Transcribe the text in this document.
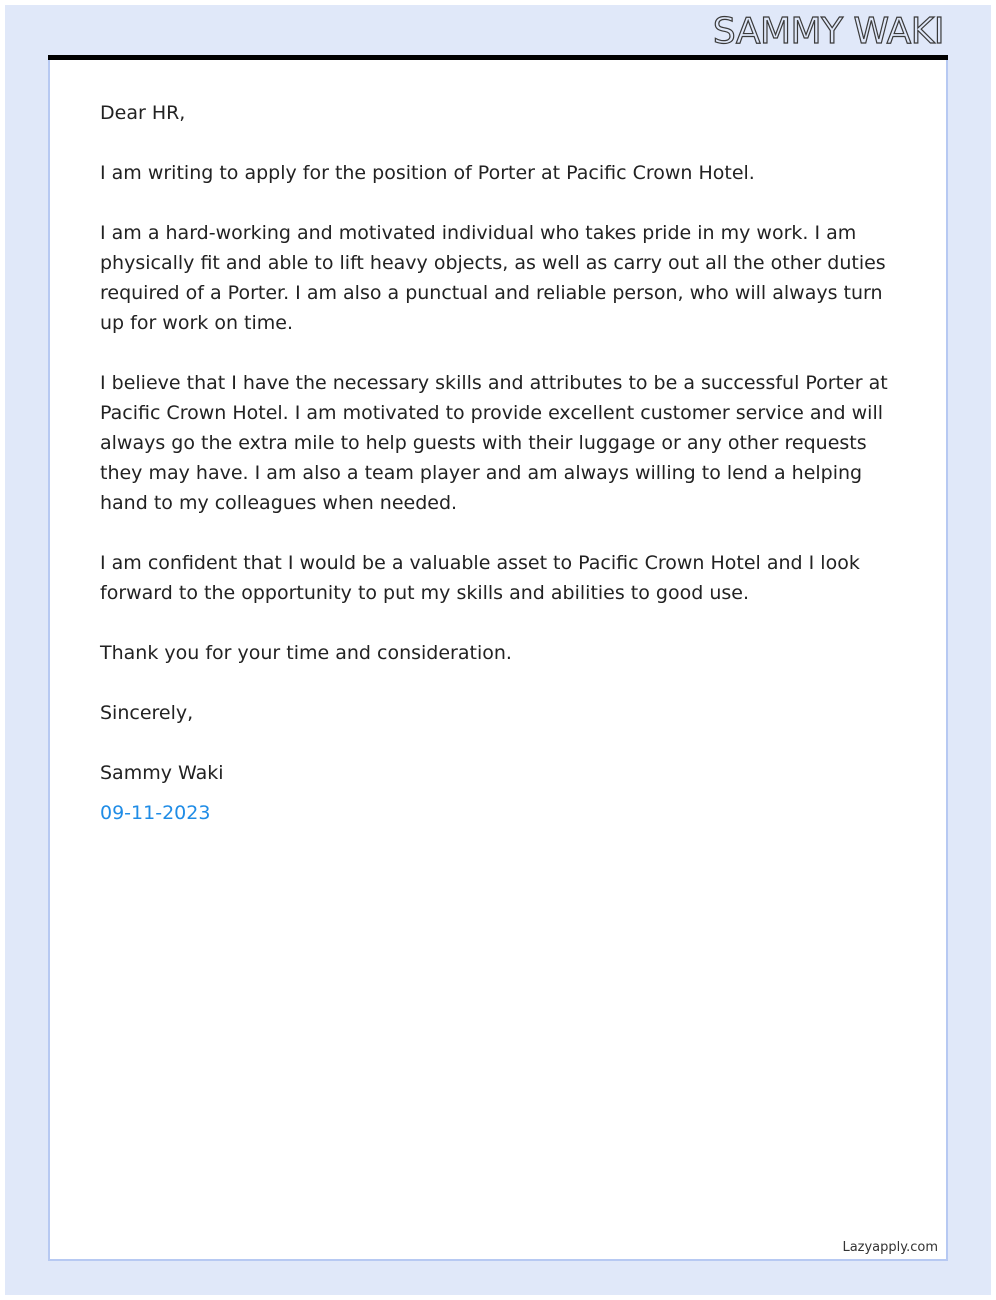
SAMMY WAKI

Dear HR,

I am writing to apply for the position of Porter at Pacific Crown Hotel.

I am a hard-working and motivated individual who takes pride in my work. I am physically fit and able to lift heavy objects, as well as carry out all the other duties required of a Porter. I am also a punctual and reliable person, who will always turn up for work on time.

I believe that I have the necessary skills and attributes to be a successful Porter at Pacific Crown Hotel. I am motivated to provide excellent customer service and will always go the extra mile to help guests with their luggage or any other requests they may have. I am also a team player and am always willing to lend a helping hand to my colleagues when needed.

I am confident that I would be a valuable asset to Pacific Crown Hotel and I look forward to the opportunity to put my skills and abilities to good use.

Thank you for your time and consideration.

Sincerely,

Sammy Waki

09-11-2023

Lazyapply.com
